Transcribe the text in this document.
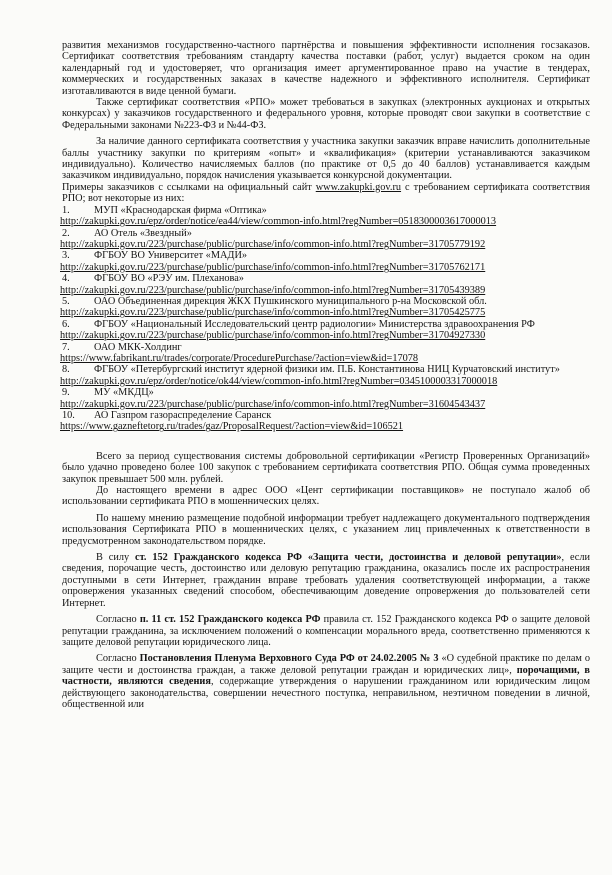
развития механизмов государственно-частного партнёрства и повышения эффективности исполнения госзаказов. Сертификат соответствия требованиям стандарту качества поставки (работ, услуг) выдается сроком на один календарный год и удостоверяет, что организация имеет аргументированное право на участие в тендерах, коммерческих и государственных заказах в качестве надежного и эффективного исполнителя. Сертификат изготавливаются в виде ценной бумаги.

Также сертификат соответствия «РПО» может требоваться в закупках (электронных аукционах и открытых конкурсах) у заказчиков государственного и федерального уровня, которые проводят свои закупки в соответствие с Федеральными законами №223-ФЗ и №44-ФЗ.

За наличие данного сертификата соответствия у участника закупки заказчик вправе начислить дополнительные баллы участнику закупки по критериям «опыт» и «квалификация» (критерии устанавливаются заказчиком индивидуально). Количество начисляемых баллов (по практике от 0,5 до 40 баллов) устанавливается каждым заказчиком индивидуально, порядок начисления указывается конкурсной документации.

Примеры заказчиков с ссылками на официальный сайт www.zakupki.gov.ru с требованием сертификата соответствия РПО; вот некоторые из них:

1. МУП «Краснодарская фирма «Оптика»
http://zakupki.gov.ru/epz/order/notice/ea44/view/common-info.html?regNumber=0518300003617000013
2. АО Отель «Звездный»
http://zakupki.gov.ru/223/purchase/public/purchase/info/common-info.html?regNumber=31705779192
3. ФГБОУ ВО Университет «МАДИ»
http://zakupki.gov.ru/223/purchase/public/purchase/info/common-info.html?regNumber=31705762171
4. ФГБОУ ВО «РЭУ им. Плеханова»
http://zakupki.gov.ru/223/purchase/public/purchase/info/common-info.html?regNumber=31705439389
5. ОАО Объединенная дирекция ЖКХ Пушкинского муниципального р-на Московской обл.
http://zakupki.gov.ru/223/purchase/public/purchase/info/common-info.html?regNumber=31705425775
6. ФГБОУ «Национальный Исследовательский центр радиологии» Министерства здравоохранения РФ
http://zakupki.gov.ru/223/purchase/public/purchase/info/common-info.html?regNumber=31704927330
7. ОАО МКК-Холдинг
https://www.fabrikant.ru/trades/corporate/ProcedurePurchase/?action=view&id=17078
8. ФГБОУ «Петербургский институт ядерной физики им. П.Б. Константинова НИЦ Курчатовский институт»
http://zakupki.gov.ru/epz/order/notice/ok44/view/common-info.html?regNumber=0345100003317000018
9. МУ «МКДЦ»
http://zakupki.gov.ru/223/purchase/public/purchase/info/common-info.html?regNumber=31604543437
10. АО Газпром газораспределение Саранск
https://www.gazneftetorg.ru/trades/gaz/ProposalRequest/?action=view&id=106521

Всего за период существования системы добровольной сертификации «Регистр Проверенных Организаций» было удачно проведено более 100 закупок с требованием сертификата соответствия РПО. Общая сумма проведенных закупок превышает 500 млн. рублей.

До настоящего времени в адрес ООО «Цент сертификации поставщиков» не поступало жалоб об использовании сертификата РПО в мошеннических целях.

По нашему мнению размещение подобной информации требует надлежащего документального подтверждения использования Сертификата РПО в мошеннических целях, с указанием лиц привлеченных к ответственности в предусмотренном законодательством порядке.

В силу ст. 152 Гражданского кодекса РФ «Защита чести, достоинства и деловой репутации», если сведения, порочащие честь, достоинство или деловую репутацию гражданина, оказались после их распространения доступными в сети Интернет, гражданин вправе требовать удаления соответствующей информации, а также опровержения указанных сведений способом, обеспечивающим доведение опровержения до пользователей сети Интернет.

Согласно п. 11 ст. 152 Гражданского кодекса РФ правила ст. 152 Гражданского кодекса РФ о защите деловой репутации гражданина, за исключением положений о компенсации морального вреда, соответственно применяются к защите деловой репутации юридического лица.

Согласно Постановления Пленума Верховного Суда РФ от 24.02.2005 № 3 «О судебной практике по делам о защите чести и достоинства граждан, а также деловой репутации граждан и юридических лиц», порочащими, в частности, являются сведения, содержащие утверждения о нарушении гражданином или юридическим лицом действующего законодательства, совершении нечестного поступка, неправильном, неэтичном поведении в личной, общественной или
